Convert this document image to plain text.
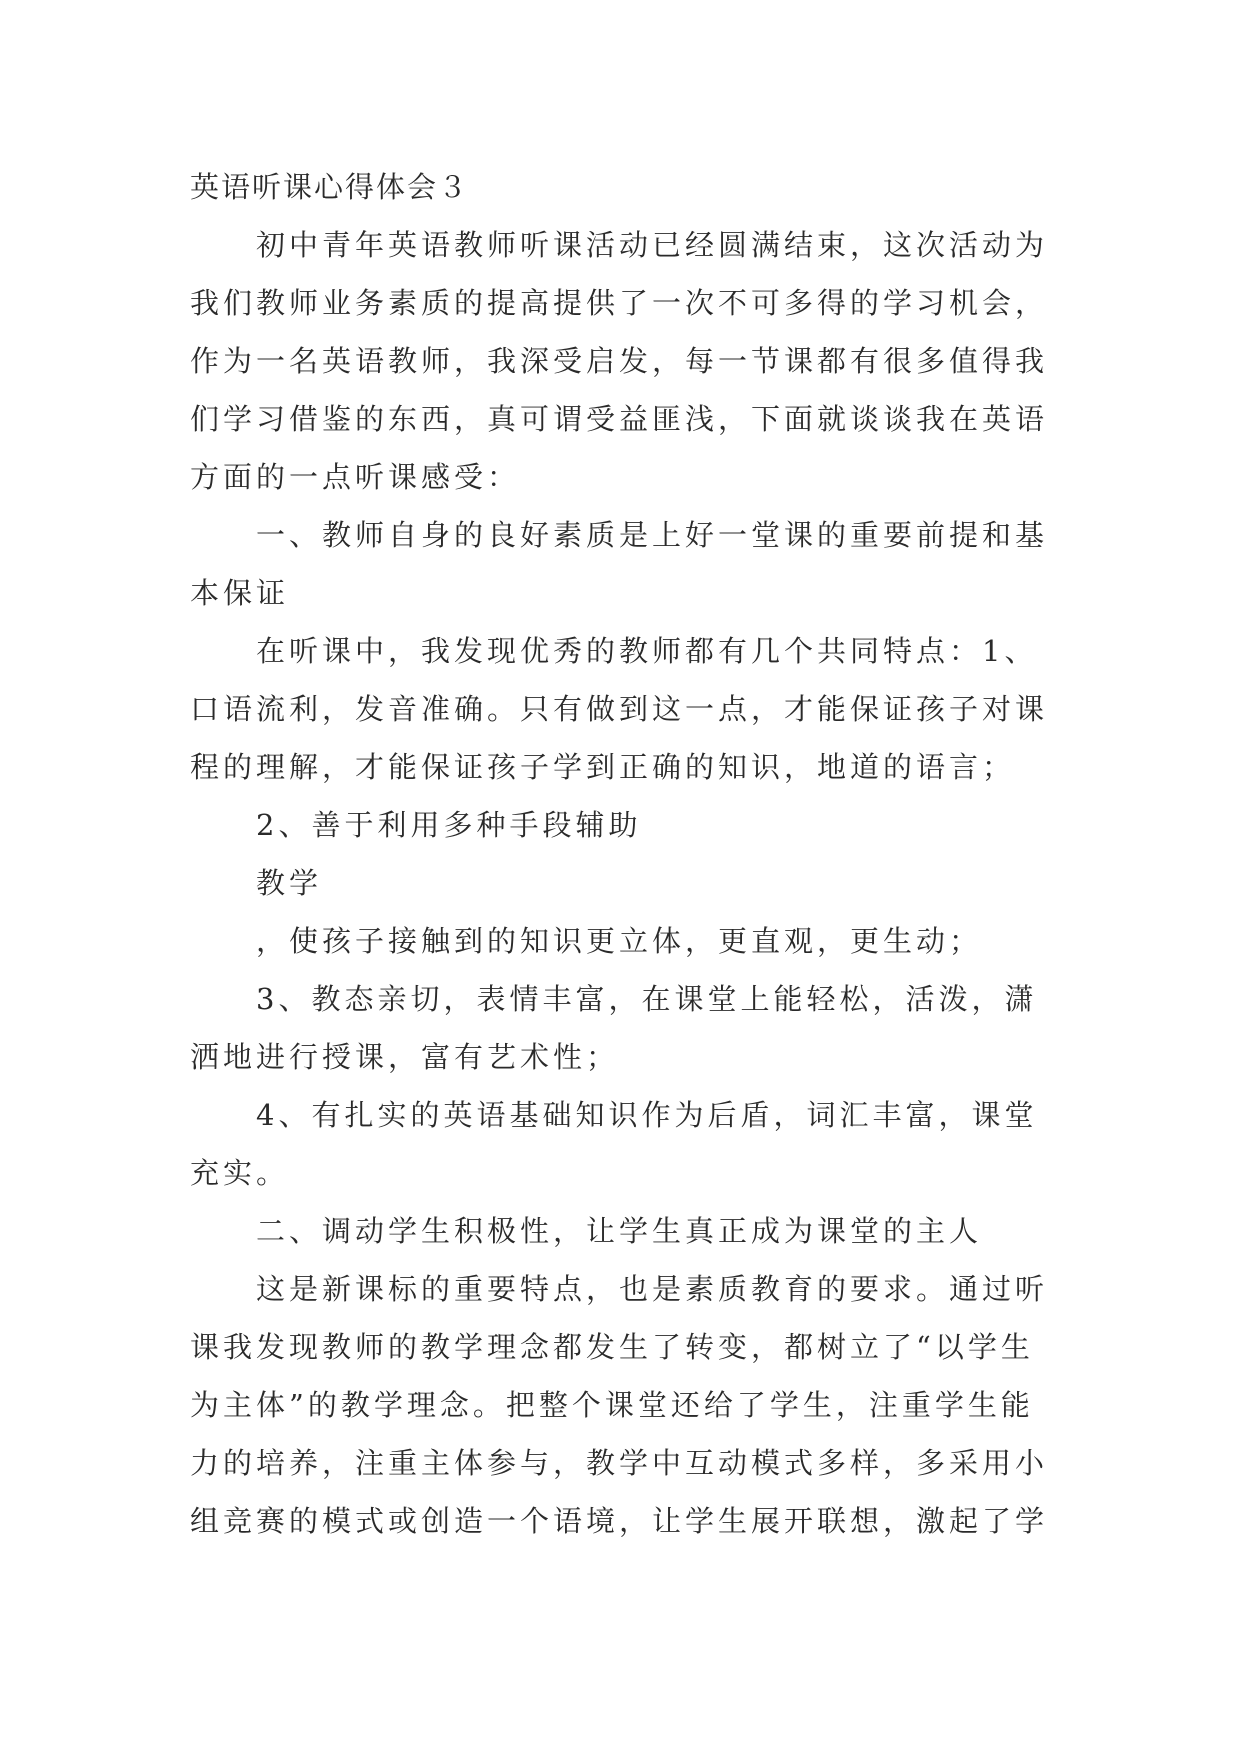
英语听课心得体会３
初中青年英语教师听课活动已经圆满结束，这次活动为
我们教师业务素质的提高提供了一次不可多得的学习机会，
作为一名英语教师，我深受启发，每一节课都有很多值得我
们学习借鉴的东西，真可谓受益匪浅，下面就谈谈我在英语
方面的一点听课感受：
一、教师自身的良好素质是上好一堂课的重要前提和基
本保证
在听课中，我发现优秀的教师都有几个共同特点：1、
口语流利，发音准确。只有做到这一点，才能保证孩子对课
程的理解，才能保证孩子学到正确的知识，地道的语言；
2、善于利用多种手段辅助
教学
，使孩子接触到的知识更立体，更直观，更生动；
3、教态亲切，表情丰富，在课堂上能轻松，活泼，潇
洒地进行授课，富有艺术性；
4、有扎实的英语基础知识作为后盾，词汇丰富，课堂
充实。
二、调动学生积极性，让学生真正成为课堂的主人
这是新课标的重要特点，也是素质教育的要求。通过听
课我发现教师的教学理念都发生了转变，都树立了“以学生
为主体”的教学理念。把整个课堂还给了学生，注重学生能
力的培养，注重主体参与，教学中互动模式多样，多采用小
组竞赛的模式或创造一个语境，让学生展开联想，激起了学
